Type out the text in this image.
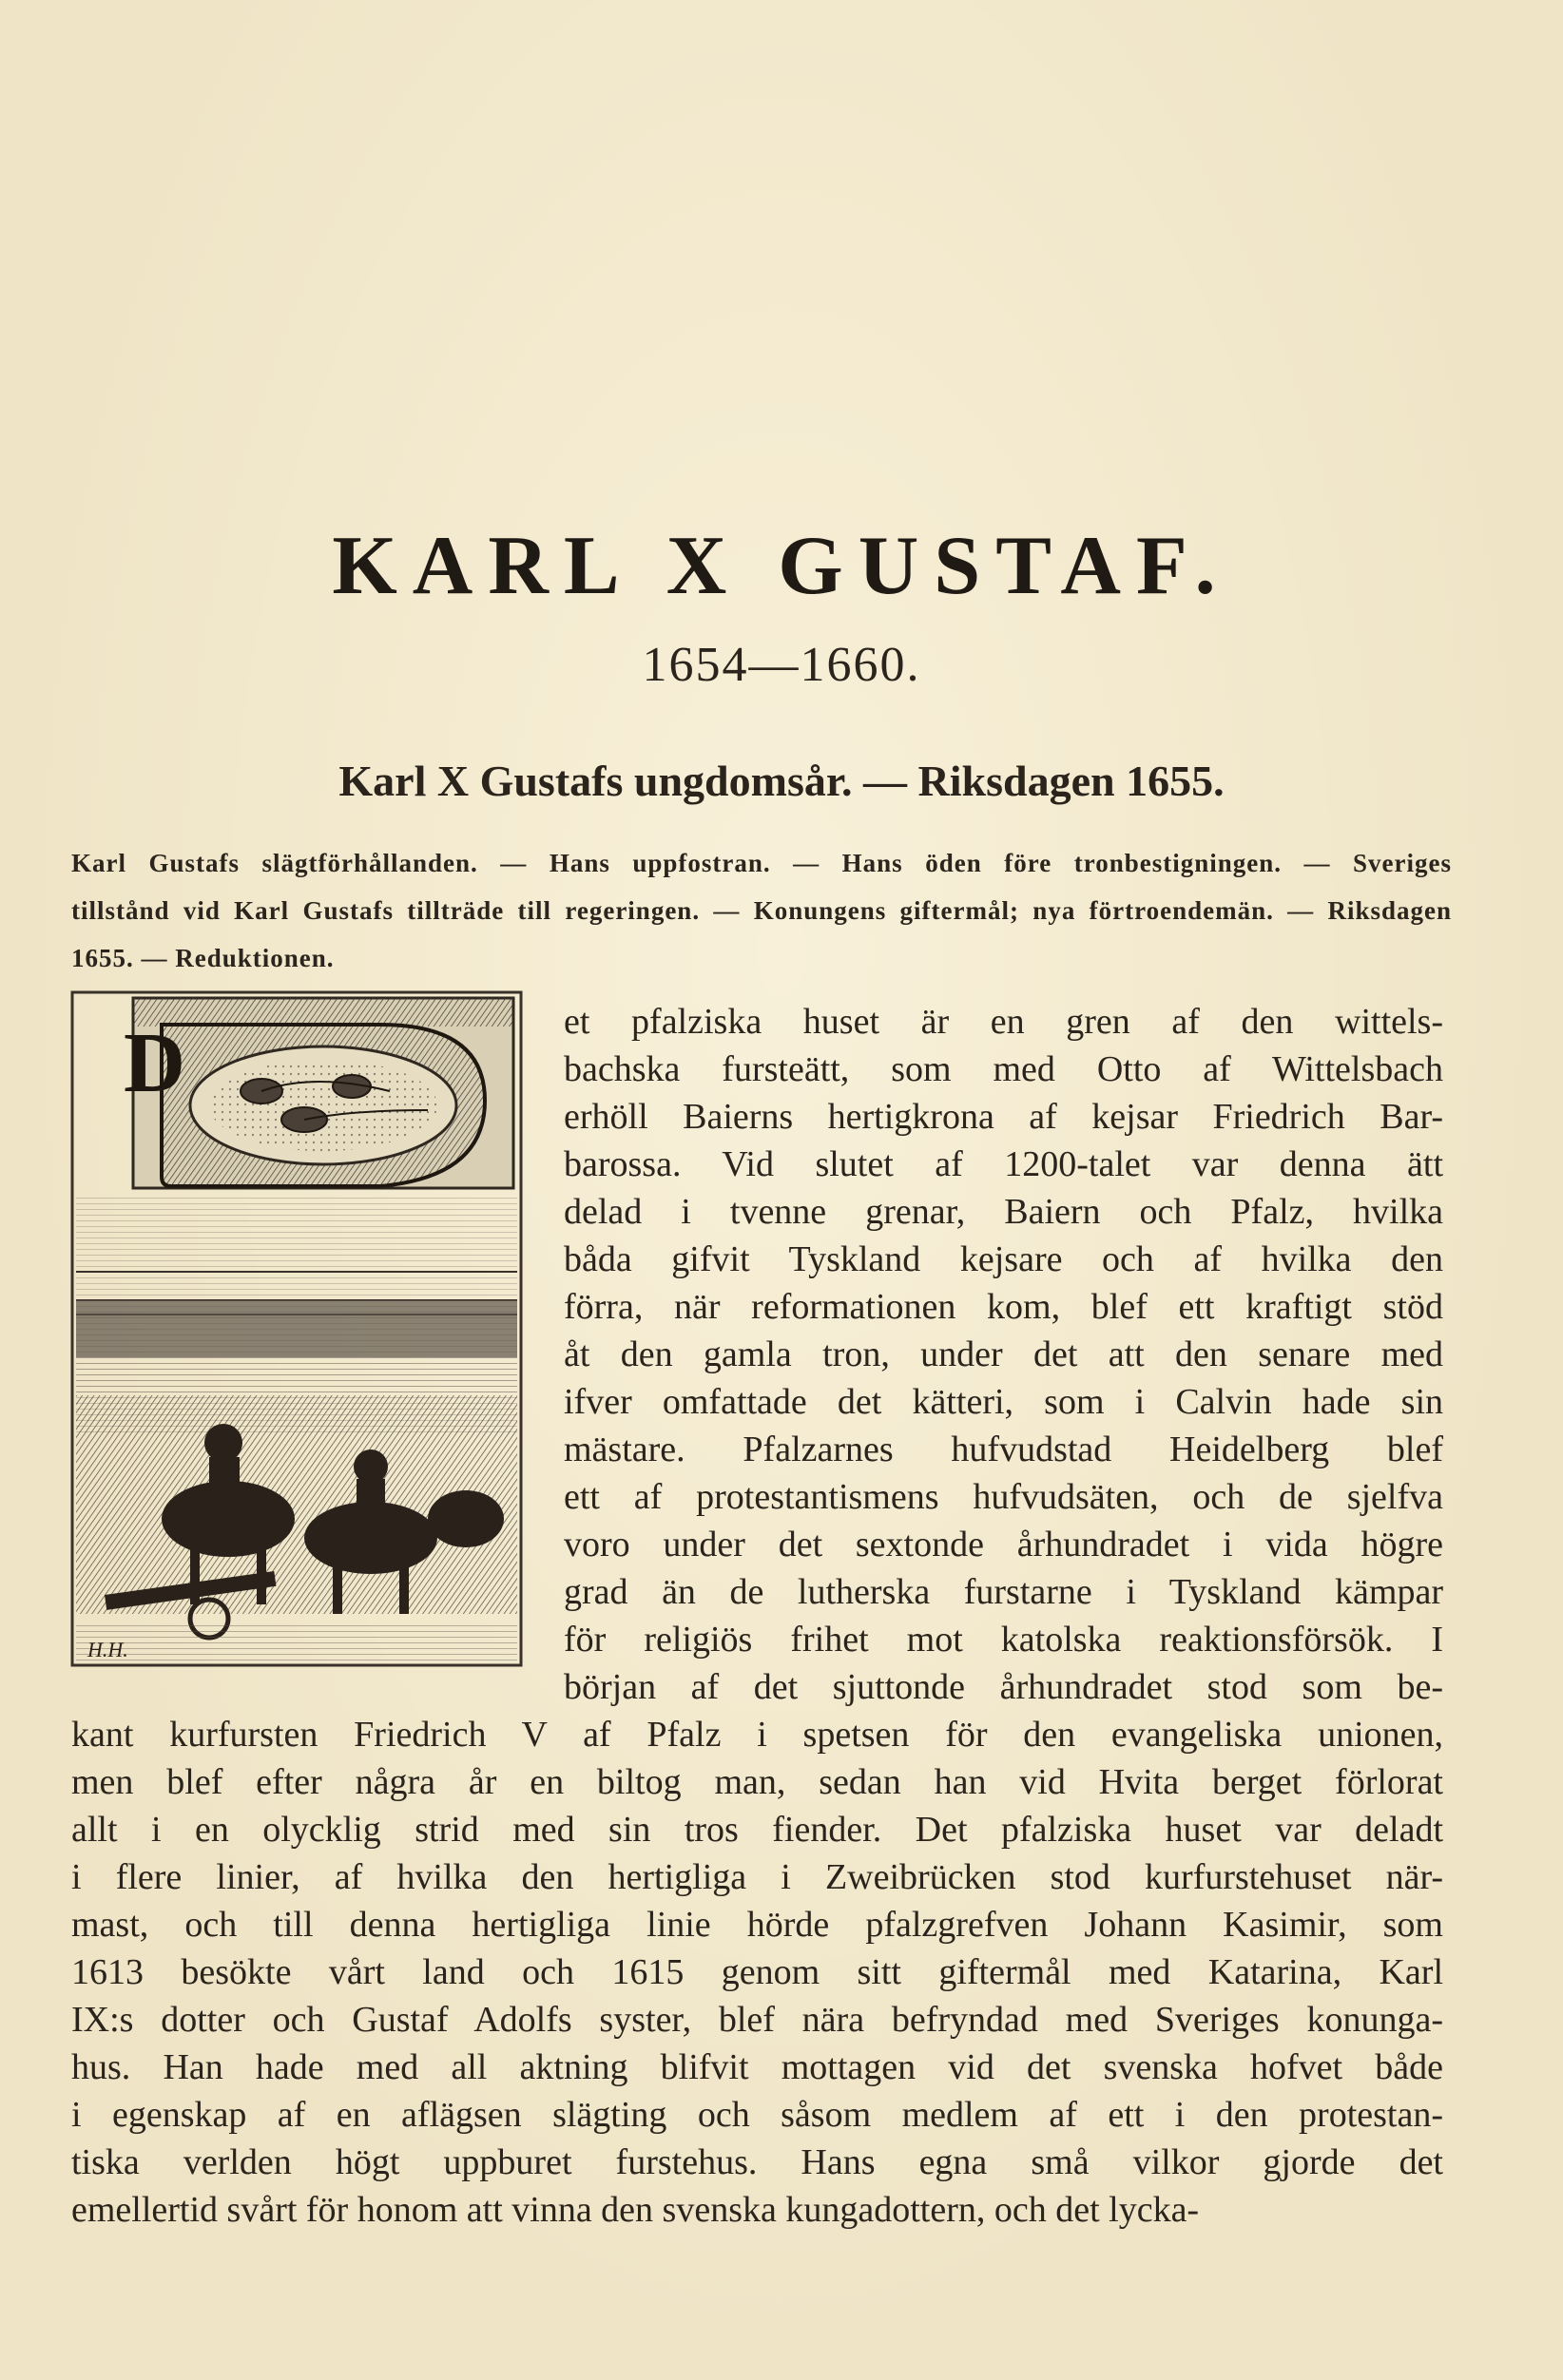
KARL X GUSTAF.
1654—1660.
Karl X Gustafs ungdomsår. — Riksdagen 1655.
Karl Gustafs slägtförhållanden. — Hans uppfostran. — Hans öden före tronbestigningen. — Sveriges
tillstånd vid Karl Gustafs tillträde till regeringen. — Konungens giftermål; nya förtroendemän. — Riksdagen
1655. — Reduktionen.
D
H.H.
et pfalziska huset är en gren af den wittels-
bachska fursteätt, som med Otto af Wittelsbach
erhöll Baierns hertigkrona af kejsar Friedrich Bar-
barossa. Vid slutet af 1200-talet var denna ätt
delad i tvenne grenar, Baiern och Pfalz, hvilka
båda gifvit Tyskland kejsare och af hvilka den
förra, när reformationen kom, blef ett kraftigt stöd
åt den gamla tron, under det att den senare med
ifver omfattade det kätteri, som i Calvin hade sin
mästare. Pfalzarnes hufvudstad Heidelberg blef
ett af protestantismens hufvudsäten, och de sjelfva
voro under det sextonde århundradet i vida högre
grad än de lutherska furstarne i Tyskland kämpar
för religiös frihet mot katolska reaktionsförsök. I
början af det sjuttonde århundradet stod som be-
kant kurfursten Friedrich V af Pfalz i spetsen för den evangeliska unionen,
men blef efter några år en biltog man, sedan han vid Hvita berget förlorat
allt i en olycklig strid med sin tros fiender. Det pfalziska huset var deladt
i flere linier, af hvilka den hertigliga i Zweibrücken stod kurfurstehuset när-
mast, och till denna hertigliga linie hörde pfalzgrefven Johann Kasimir, som
1613 besökte vårt land och 1615 genom sitt giftermål med Katarina, Karl
IX:s dotter och Gustaf Adolfs syster, blef nära befryndad med Sveriges konunga-
hus. Han hade med all aktning blifvit mottagen vid det svenska hofvet både
i egenskap af en aflägsen slägting och såsom medlem af ett i den protestan-
tiska verlden högt uppburet furstehus. Hans egna små vilkor gjorde det
emellertid svårt för honom att vinna den svenska kungadottern, och det lycka-
